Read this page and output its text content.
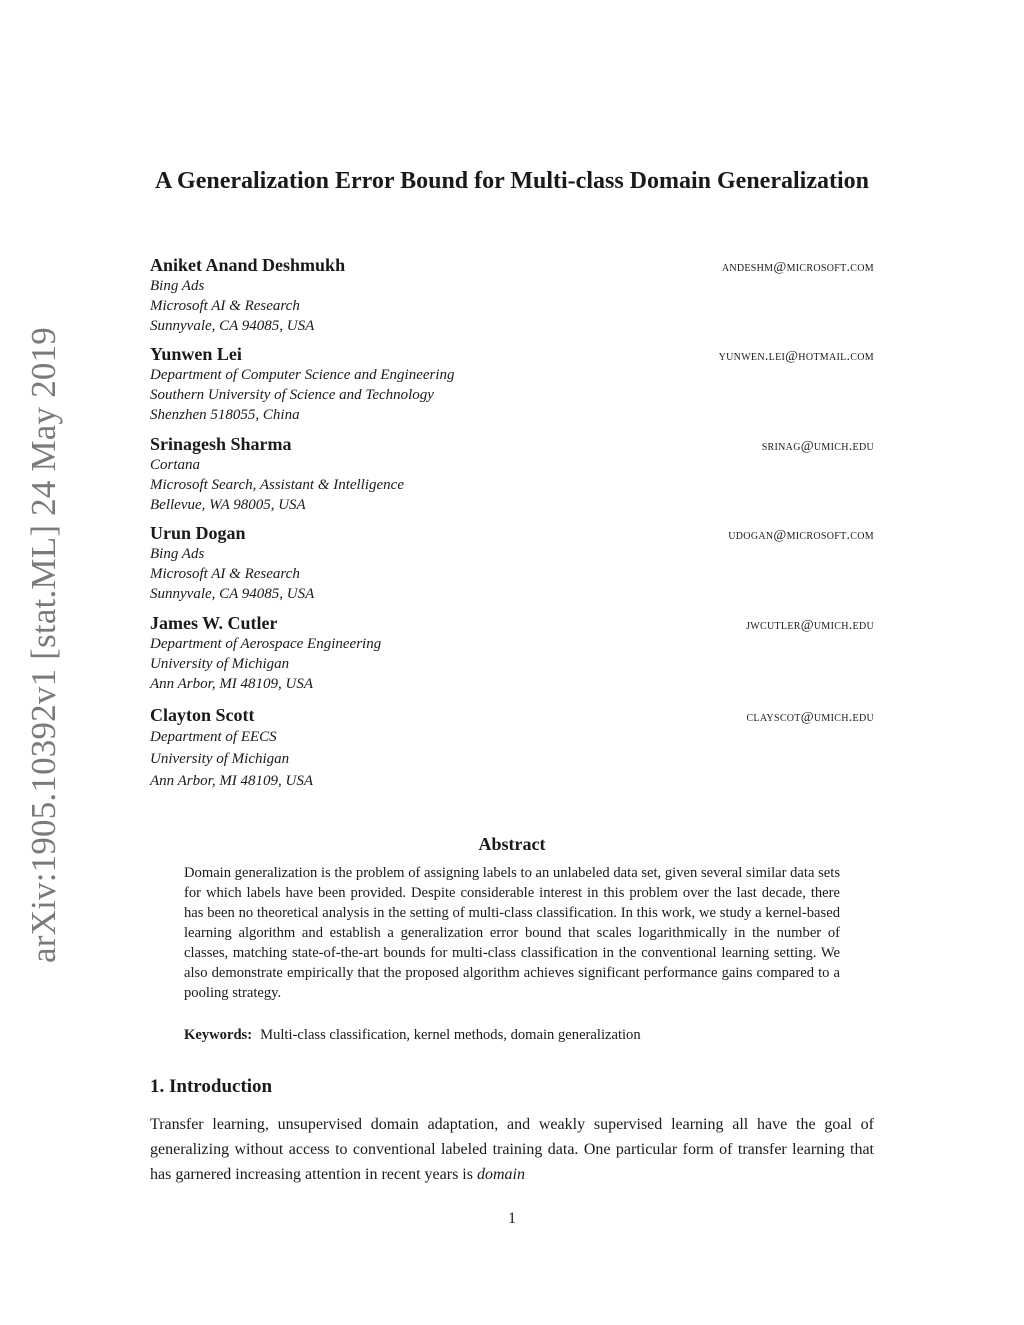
arXiv:1905.10392v1 [stat.ML] 24 May 2019
A Generalization Error Bound for Multi-class Domain Generalization
Aniket Anand Deshmukh	andeshm@microsoft.com
Bing Ads
Microsoft AI & Research
Sunnyvale, CA 94085, USA
Yunwen Lei	yunwen.lei@hotmail.com
Department of Computer Science and Engineering
Southern University of Science and Technology
Shenzhen 518055, China
Srinagesh Sharma	srinag@umich.edu
Cortana
Microsoft Search, Assistant & Intelligence
Bellevue, WA 98005, USA
Urun Dogan	udogan@microsoft.com
Bing Ads
Microsoft AI & Research
Sunnyvale, CA 94085, USA
James W. Cutler	jwcutler@umich.edu
Department of Aerospace Engineering
University of Michigan
Ann Arbor, MI 48109, USA
Clayton Scott	clayscot@umich.edu
Department of EECS
University of Michigan
Ann Arbor, MI 48109, USA
Abstract
Domain generalization is the problem of assigning labels to an unlabeled data set, given several similar data sets for which labels have been provided. Despite considerable interest in this problem over the last decade, there has been no theoretical analysis in the setting of multi-class classification. In this work, we study a kernel-based learning algorithm and establish a generalization error bound that scales logarithmically in the number of classes, matching state-of-the-art bounds for multi-class classification in the conventional learning setting. We also demonstrate empirically that the proposed algorithm achieves significant performance gains compared to a pooling strategy.
Keywords: Multi-class classification, kernel methods, domain generalization
1. Introduction
Transfer learning, unsupervised domain adaptation, and weakly supervised learning all have the goal of generalizing without access to conventional labeled training data. One particular form of transfer learning that has garnered increasing attention in recent years is domain
1
